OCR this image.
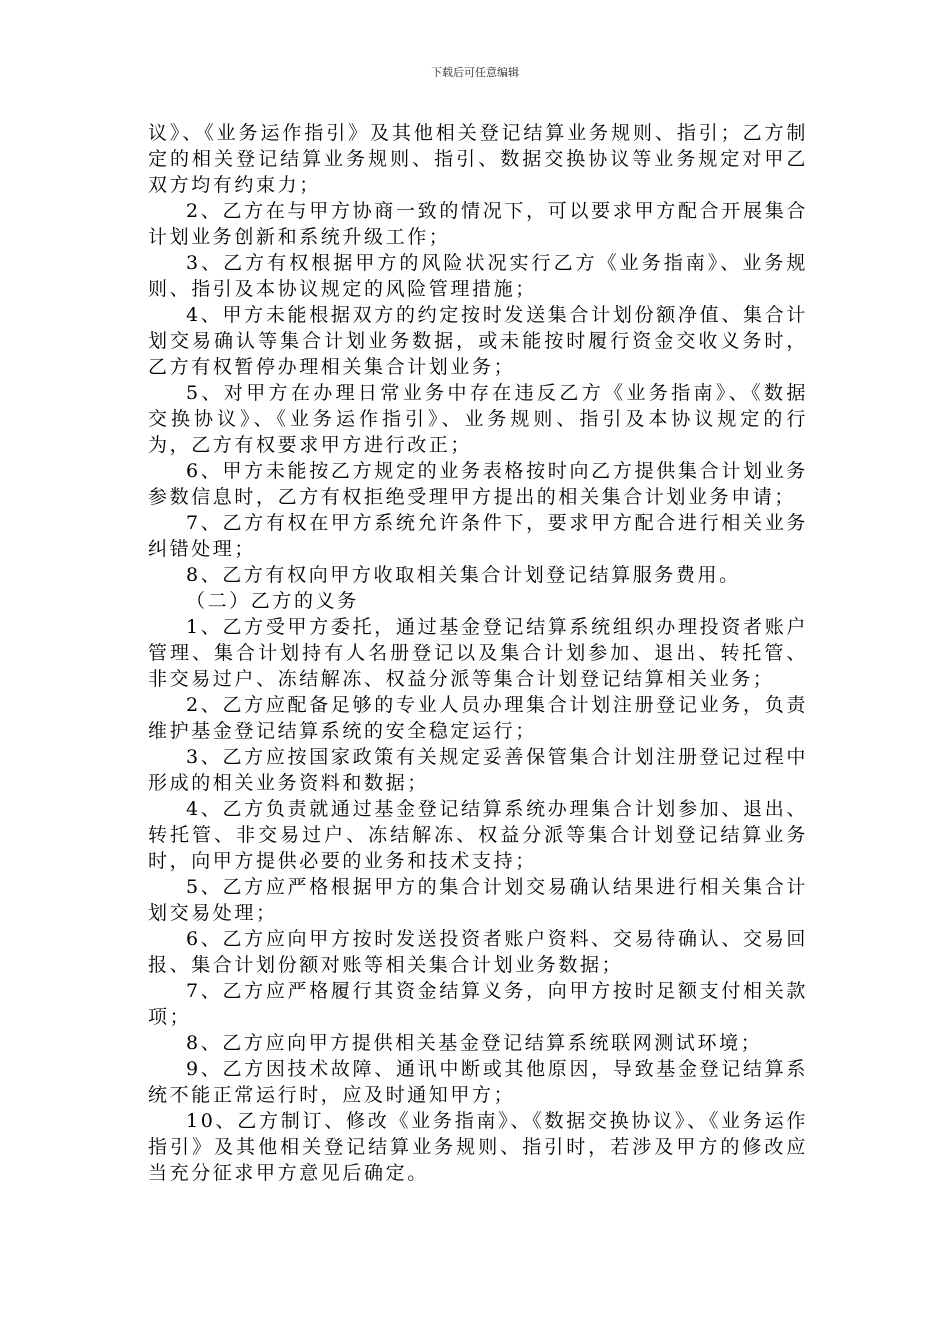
下载后可任意编辑

议》、《业务运作指引》及其他相关登记结算业务规则、指引；乙方制定的相关登记结算业务规则、指引、数据交换协议等业务规定对甲乙双方均有约束力；

2、乙方在与甲方协商一致的情况下，可以要求甲方配合开展集合计划业务创新和系统升级工作；

3、乙方有权根据甲方的风险状况实行乙方《业务指南》、业务规则、指引及本协议规定的风险管理措施；

4、甲方未能根据双方的约定按时发送集合计划份额净值、集合计划交易确认等集合计划业务数据，或未能按时履行资金交收义务时，乙方有权暂停办理相关集合计划业务；

5、对甲方在办理日常业务中存在违反乙方《业务指南》、《数据交换协议》、《业务运作指引》、业务规则、指引及本协议规定的行为，乙方有权要求甲方进行改正；

6、甲方未能按乙方规定的业务表格按时向乙方提供集合计划业务参数信息时，乙方有权拒绝受理甲方提出的相关集合计划业务申请；

7、乙方有权在甲方系统允许条件下，要求甲方配合进行相关业务纠错处理；

8、乙方有权向甲方收取相关集合计划登记结算服务费用。

（二）乙方的义务

1、乙方受甲方委托，通过基金登记结算系统组织办理投资者账户管理、集合计划持有人名册登记以及集合计划参加、退出、转托管、非交易过户、冻结解冻、权益分派等集合计划登记结算相关业务；

2、乙方应配备足够的专业人员办理集合计划注册登记业务，负责维护基金登记结算系统的安全稳定运行；

3、乙方应按国家政策有关规定妥善保管集合计划注册登记过程中形成的相关业务资料和数据；

4、乙方负责就通过基金登记结算系统办理集合计划参加、退出、转托管、非交易过户、冻结解冻、权益分派等集合计划登记结算业务时，向甲方提供必要的业务和技术支持；

5、乙方应严格根据甲方的集合计划交易确认结果进行相关集合计划交易处理；

6、乙方应向甲方按时发送投资者账户资料、交易待确认、交易回报、集合计划份额对账等相关集合计划业务数据；

7、乙方应严格履行其资金结算义务，向甲方按时足额支付相关款项；

8、乙方应向甲方提供相关基金登记结算系统联网测试环境；

9、乙方因技术故障、通讯中断或其他原因，导致基金登记结算系统不能正常运行时，应及时通知甲方；

10、乙方制订、修改《业务指南》、《数据交换协议》、《业务运作指引》及其他相关登记结算业务规则、指引时，若涉及甲方的修改应当充分征求甲方意见后确定。
